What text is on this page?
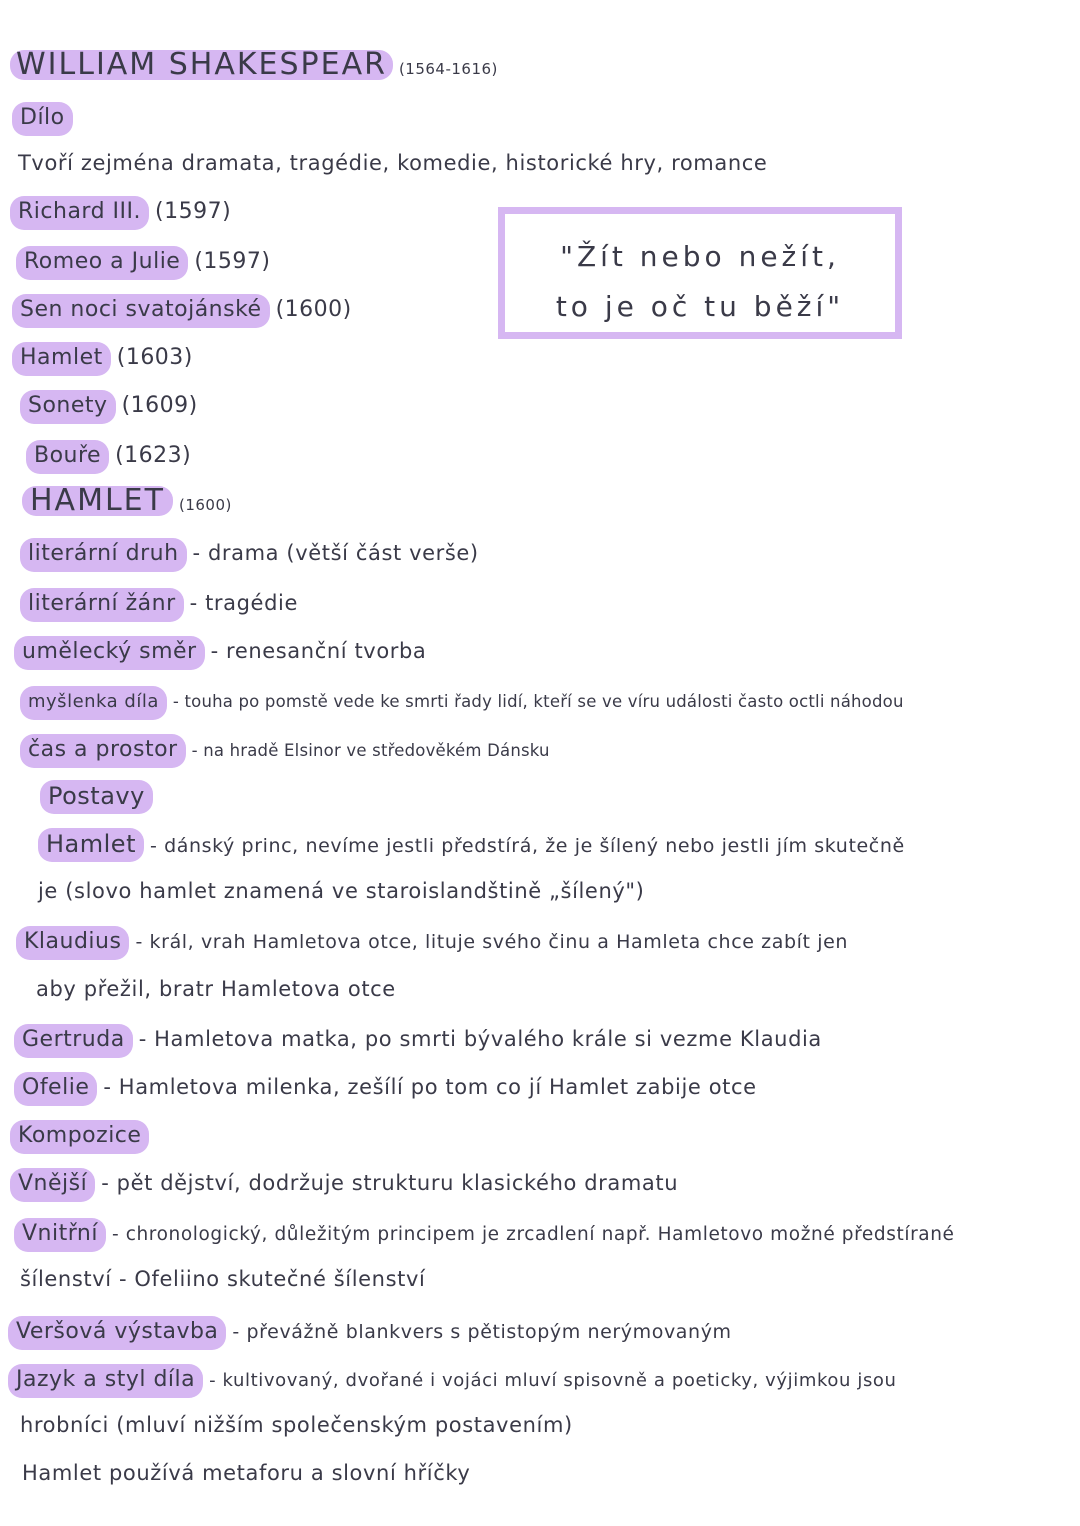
WILLIAM SHAKESPEAR (1564-1616)
Dílo
Tvoří zejména dramata, tragédie, komedie, historické hry, romance
Richard III. (1597)
Romeo a Julie (1597)
Sen noci svatojánské (1600)
Hamlet (1603)
Sonety (1609)
Bouře (1623)
"Žít nebo nežít,
to je oč tu běží"
HAMLET (1600)
literární druh - drama (větší část verše)
literární žánr - tragédie
umělecký směr - renesanční tvorba
myšlenka díla - touha po pomstě vede ke smrti řady lidí, kteří se ve víru události často octli náhodou
čas a prostor - na hradě Elsinor ve středověkém Dánsku
Postavy
Hamlet - dánský princ, nevíme jestli předstírá, že je šílený nebo jestli jím skutečně
je (slovo hamlet znamená ve staroislandštině „šílený")
Klaudius - král, vrah Hamletova otce, lituje svého činu a Hamleta chce zabít jen
aby přežil, bratr Hamletova otce
Gertruda - Hamletova matka, po smrti bývalého krále si vezme Klaudia
Ofelie - Hamletova milenka, zešílí po tom co jí Hamlet zabije otce
Kompozice
Vnější - pět dějství, dodržuje strukturu klasického dramatu
Vnitřní - chronologický, důležitým principem je zrcadlení např. Hamletovo možné předstírané
šílenství - Ofeliino skutečné šílenství
Veršová výstavba - převážně blankvers s pětistopým nerýmovaným
Jazyk a styl díla - kultivovaný, dvořané i vojáci mluví spisovně a poeticky, výjimkou jsou
hrobníci (mluví nižším společenským postavením)
Hamlet používá metaforu a slovní hříčky
